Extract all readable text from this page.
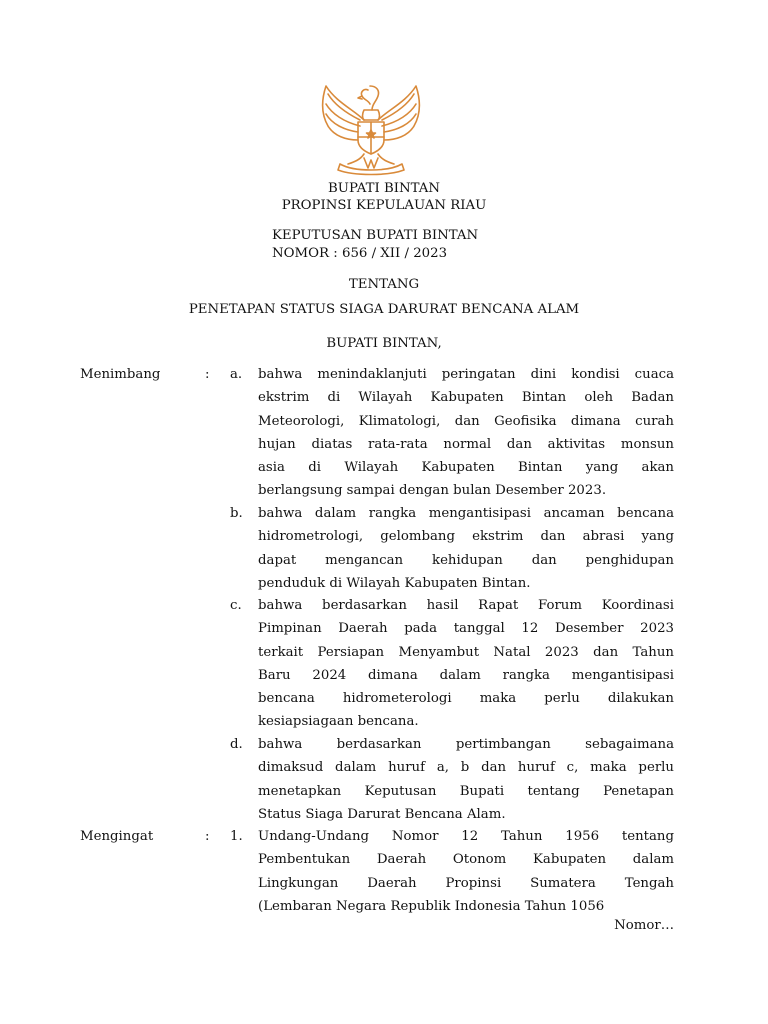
BUPATI BINTAN
PROPINSI KEPULAUAN RIAU
KEPUTUSAN BUPATI BINTAN
NOMOR : 656 / XII / 2023
TENTANG
PENETAPAN STATUS SIAGA DARURAT BENCANA ALAM
BUPATI BINTAN,
Menimbang	: a. bahwa menindaklanjuti peringatan dini kondisi cuaca
ekstrim di Wilayah Kabupaten Bintan oleh Badan
Meteorologi, Klimatologi, dan Geofisika dimana curah
hujan diatas rata-rata normal dan aktivitas monsun
asia di Wilayah Kabupaten Bintan yang akan
berlangsung sampai dengan bulan Desember 2023.
b. bahwa dalam rangka mengantisipasi ancaman bencana
hidrometrologi, gelombang ekstrim dan abrasi yang
dapat mengancan kehidupan dan penghidupan
penduduk di Wilayah Kabupaten Bintan.
c. bahwa berdasarkan hasil Rapat Forum Koordinasi
Pimpinan Daerah pada tanggal 12 Desember 2023
terkait Persiapan Menyambut Natal 2023 dan Tahun
Baru 2024 dimana dalam rangka mengantisipasi
bencana hidrometerologi maka perlu dilakukan
kesiapsiagaan bencana.
d. bahwa berdasarkan pertimbangan sebagaimana
dimaksud dalam huruf a, b dan huruf c, maka perlu
menetapkan Keputusan Bupati tentang Penetapan
Status Siaga Darurat Bencana Alam.
Mengingat	: 1. Undang-Undang Nomor 12 Tahun 1956 tentang
Pembentukan Daerah Otonom Kabupaten dalam
Lingkungan Daerah Propinsi Sumatera Tengah
(Lembaran Negara Republik Indonesia Tahun 1056
Nomor…
